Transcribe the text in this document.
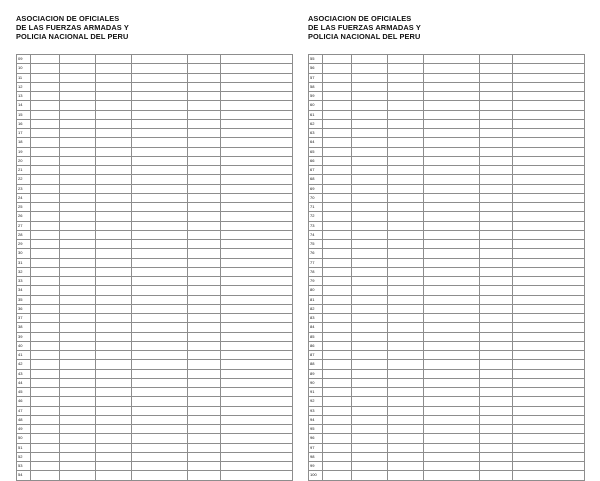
ASOCIACION DE OFICIALES
DE LAS FUERZAS ARMADAS Y
POLICIA NACIONAL DEL PERU
09						
10						
11						
12						
13						
14						
15						
16						
17						
18						
19						
20						
21						
22						
23						
24						
25						
26						
27						
28						
29						
30						
31						
32						
33						
34						
35						
36						
37						
38						
39						
40						
41						
42						
43						
44						
45						
46						
47						
48						
49						
50						
51						
52						
53						
54						
ASOCIACION DE OFICIALES
DE LAS FUERZAS ARMADAS Y
POLICIA NACIONAL DEL PERU
55						
56						
57						
58						
59						
60						
61						
62						
63						
64						
65						
66						
67						
68						
69						
70						
71						
72						
73						
74						
75						
76						
77						
78						
79						
80						
81						
82						
83						
84						
85						
86						
87						
88						
89						
90						
91						
92						
93						
94						
95						
96						
97						
98						
99						
100						
